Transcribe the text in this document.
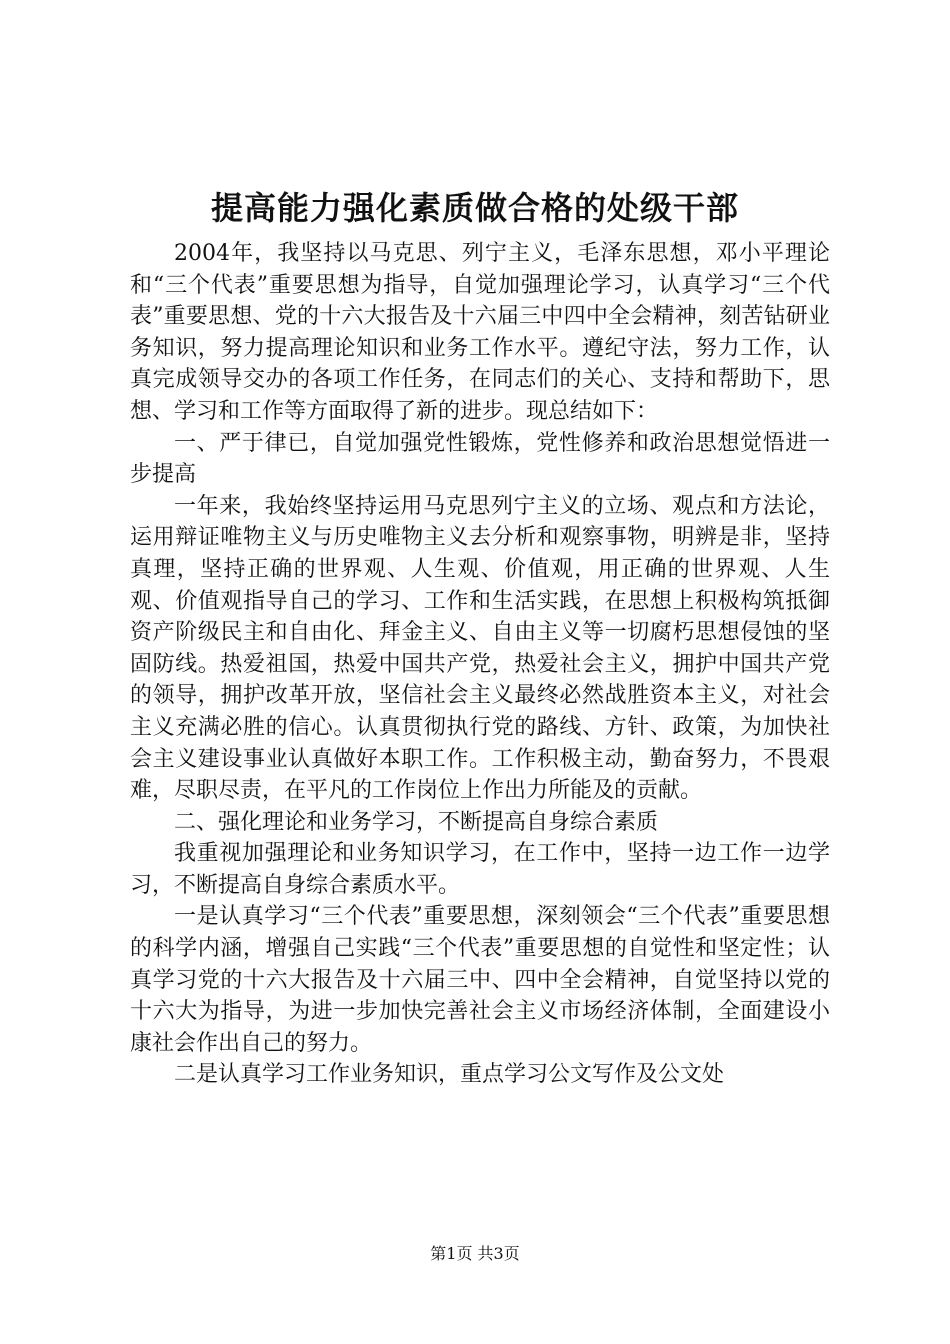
提高能力强化素质做合格的处级干部

2004年，我坚持以马克思、列宁主义，毛泽东思想，邓小平理论和“三个代表”重要思想为指导，自觉加强理论学习，认真学习“三个代表”重要思想、党的十六大报告及十六届三中四中全会精神，刻苦钻研业务知识，努力提高理论知识和业务工作水平。遵纪守法，努力工作，认真完成领导交办的各项工作任务，在同志们的关心、支持和帮助下，思想、学习和工作等方面取得了新的进步。现总结如下：

一、严于律已，自觉加强党性锻炼，党性修养和政治思想觉悟进一步提高

一年来，我始终坚持运用马克思列宁主义的立场、观点和方法论，运用辩证唯物主义与历史唯物主义去分析和观察事物，明辨是非，坚持真理，坚持正确的世界观、人生观、价值观，用正确的世界观、人生观、价值观指导自己的学习、工作和生活实践，在思想上积极构筑抵御资产阶级民主和自由化、拜金主义、自由主义等一切腐朽思想侵蚀的坚固防线。热爱祖国，热爱中国共产党，热爱社会主义，拥护中国共产党的领导，拥护改革开放，坚信社会主义最终必然战胜资本主义，对社会主义充满必胜的信心。认真贯彻执行党的路线、方针、政策，为加快社会主义建设事业认真做好本职工作。工作积极主动，勤奋努力，不畏艰难，尽职尽责，在平凡的工作岗位上作出力所能及的贡献。

二、强化理论和业务学习，不断提高自身综合素质

我重视加强理论和业务知识学习，在工作中，坚持一边工作一边学习，不断提高自身综合素质水平。

一是认真学习“三个代表”重要思想，深刻领会“三个代表”重要思想的科学内涵，增强自己实践“三个代表”重要思想的自觉性和坚定性；认真学习党的十六大报告及十六届三中、四中全会精神，自觉坚持以党的十六大为指导，为进一步加快完善社会主义市场经济体制，全面建设小康社会作出自己的努力。

二是认真学习工作业务知识，重点学习公文写作及公文处

第1页 共3页
